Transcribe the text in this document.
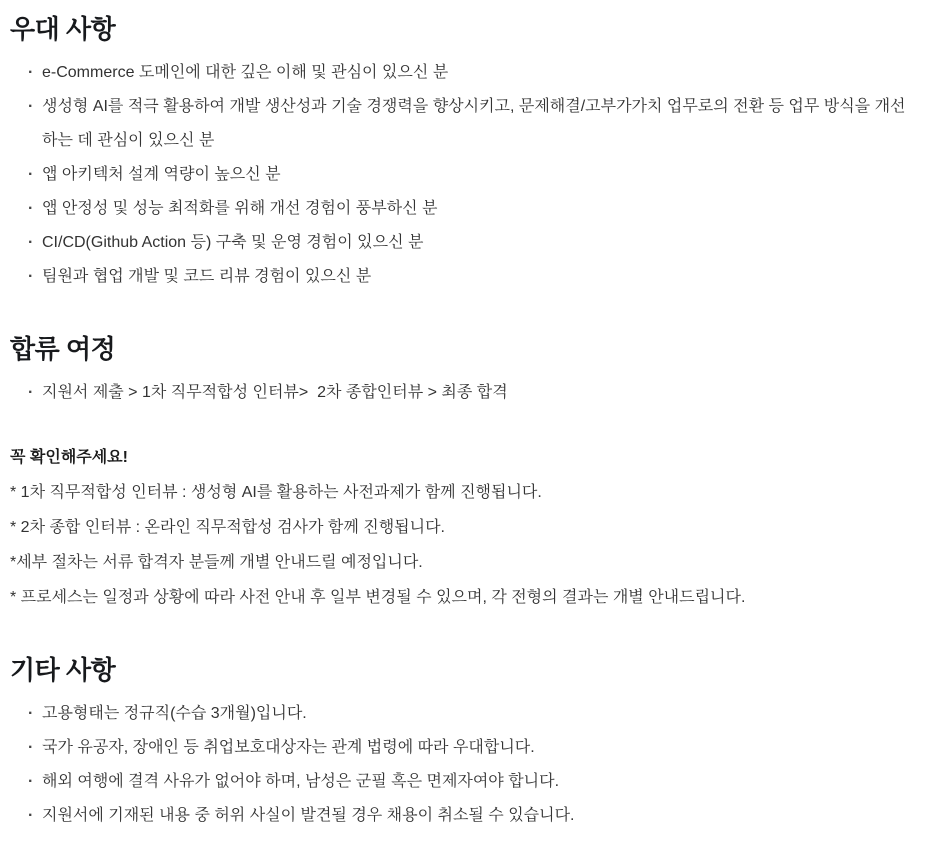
우대 사항
· e-Commerce 도메인에 대한 깊은 이해 및 관심이 있으신 분
· 생성형 AI를 적극 활용하여 개발 생산성과 기술 경쟁력을 향상시키고, 문제해결/고부가가치 업무로의 전환 등 업무 방식을 개선하는 데 관심이 있으신 분
· 앱 아키텍처 설계 역량이 높으신 분
· 앱 안정성 및 성능 최적화를 위해 개선 경험이 풍부하신 분
· CI/CD(Github Action 등) 구축 및 운영 경험이 있으신 분
· 팀원과 협업 개발 및 코드 리뷰 경험이 있으신 분
합류 여정
· 지원서 제출 > 1차 직무적합성 인터뷰>  2차 종합인터뷰 > 최종 합격

꼭 확인해주세요!

* 1차 직무적합성 인터뷰 : 생성형 AI를 활용하는 사전과제가 함께 진행됩니다.

* 2차 종합 인터뷰 : 온라인 직무적합성 검사가 함께 진행됩니다.

*세부 절차는 서류 합격자 분들께 개별 안내드릴 예정입니다.

* 프로세스는 일정과 상황에 따라 사전 안내 후 일부 변경될 수 있으며, 각 전형의 결과는 개별 안내드립니다.

기타 사항
· 고용형태는 정규직(수습 3개월)입니다.
· 국가 유공자, 장애인 등 취업보호대상자는 관계 법령에 따라 우대합니다.
· 해외 여행에 결격 사유가 없어야 하며, 남성은 군필 혹은 면제자여야 합니다.
· 지원서에 기재된 내용 중 허위 사실이 발견될 경우 채용이 취소될 수 있습니다.
